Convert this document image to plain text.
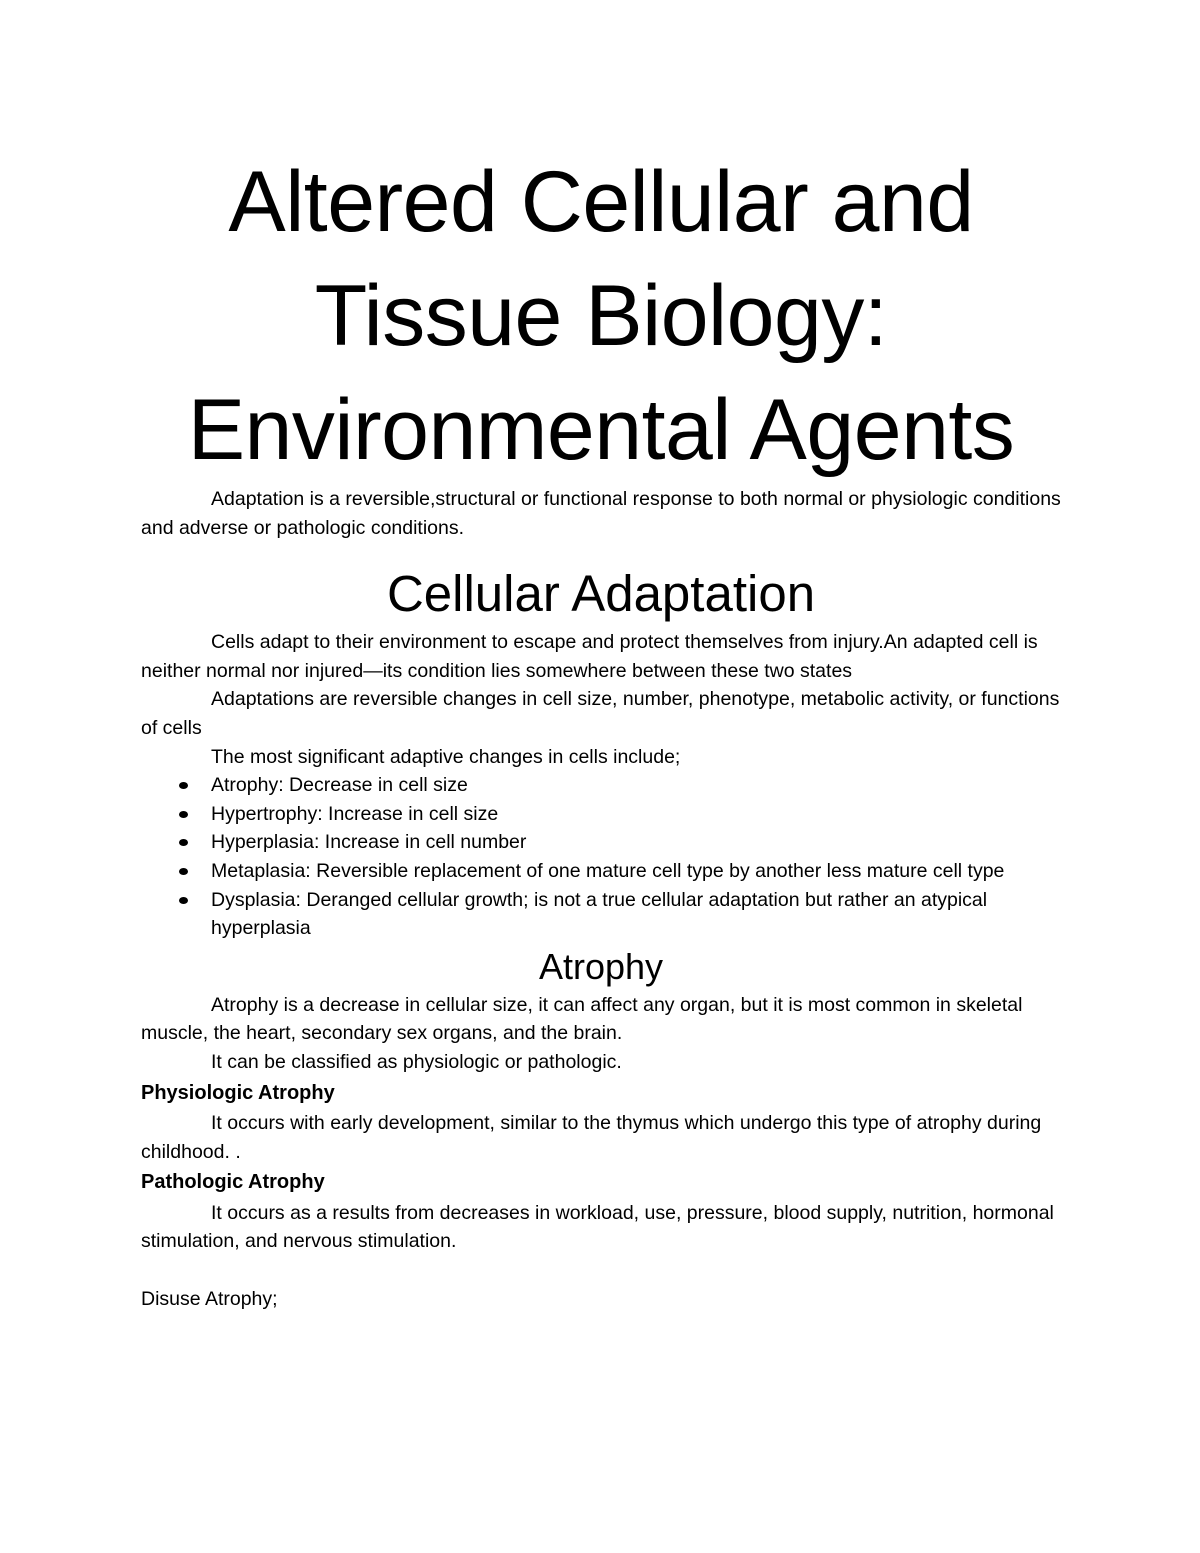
Altered Cellular and
Tissue Biology:
Environmental Agents

Adaptation is a reversible,structural or functional response to both normal or physiologic conditions and adverse or pathologic conditions.

Cellular Adaptation

Cells adapt to their environment to escape and protect themselves from injury.An adapted cell is neither normal nor injured—its condition lies somewhere between these two states

Adaptations are reversible changes in cell size, number, phenotype, metabolic activity, or functions of cells

The most significant adaptive changes in cells include;

Atrophy: Decrease in cell size
Hypertrophy: Increase in cell size
Hyperplasia: Increase in cell number
Metaplasia: Reversible replacement of one mature cell type by another less mature cell type
Dysplasia: Deranged cellular growth; is not a true cellular adaptation but rather an atypical hyperplasia
Atrophy

Atrophy is a decrease in cellular size, it can affect any organ, but it is most common in skeletal muscle, the heart, secondary sex organs, and the brain.

It can be classified as physiologic or pathologic.

Physiologic Atrophy

It occurs with early development, similar to the thymus which undergo this type of atrophy during childhood. .

Pathologic Atrophy

It occurs as a results from decreases in workload, use, pressure, blood supply, nutrition, hormonal stimulation, and nervous stimulation.

Disuse Atrophy;
